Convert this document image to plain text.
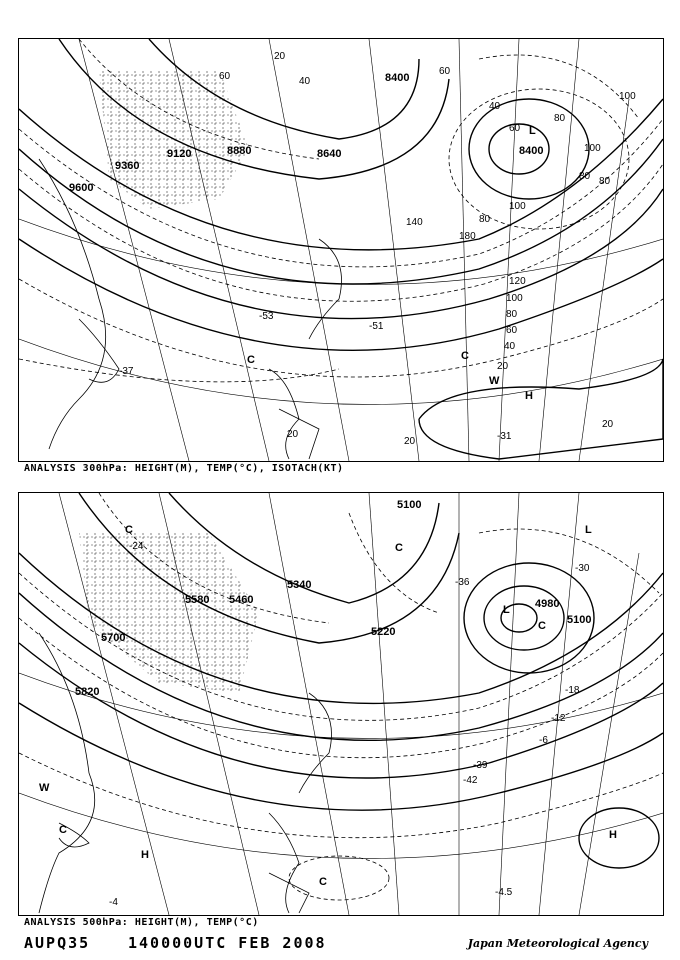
8400
9120
9360
8880	8640
9600
8400
20
40
60
80
100
120
140
180
100
80
60
40
20
20
20
20
40
60
80
100
60
80
100
80
C	C
W
H
L
-53
-51
-37
-31
ANALYSIS 300hPa: HEIGHT(M), TEMP(°C), ISOTACH(KT)
5100
5340
5580
5220
5700
5820
4980
5100
5460
C
L
C
C
W
H
C
C
L
H
-24
-36
-30
-18
-12
-6
-4
-39
-42
-4.5
ANALYSIS 500hPa: HEIGHT(M), TEMP(°C)
AUPQ35	140000UTC FEB 2008	Japan Meteorological Agency
